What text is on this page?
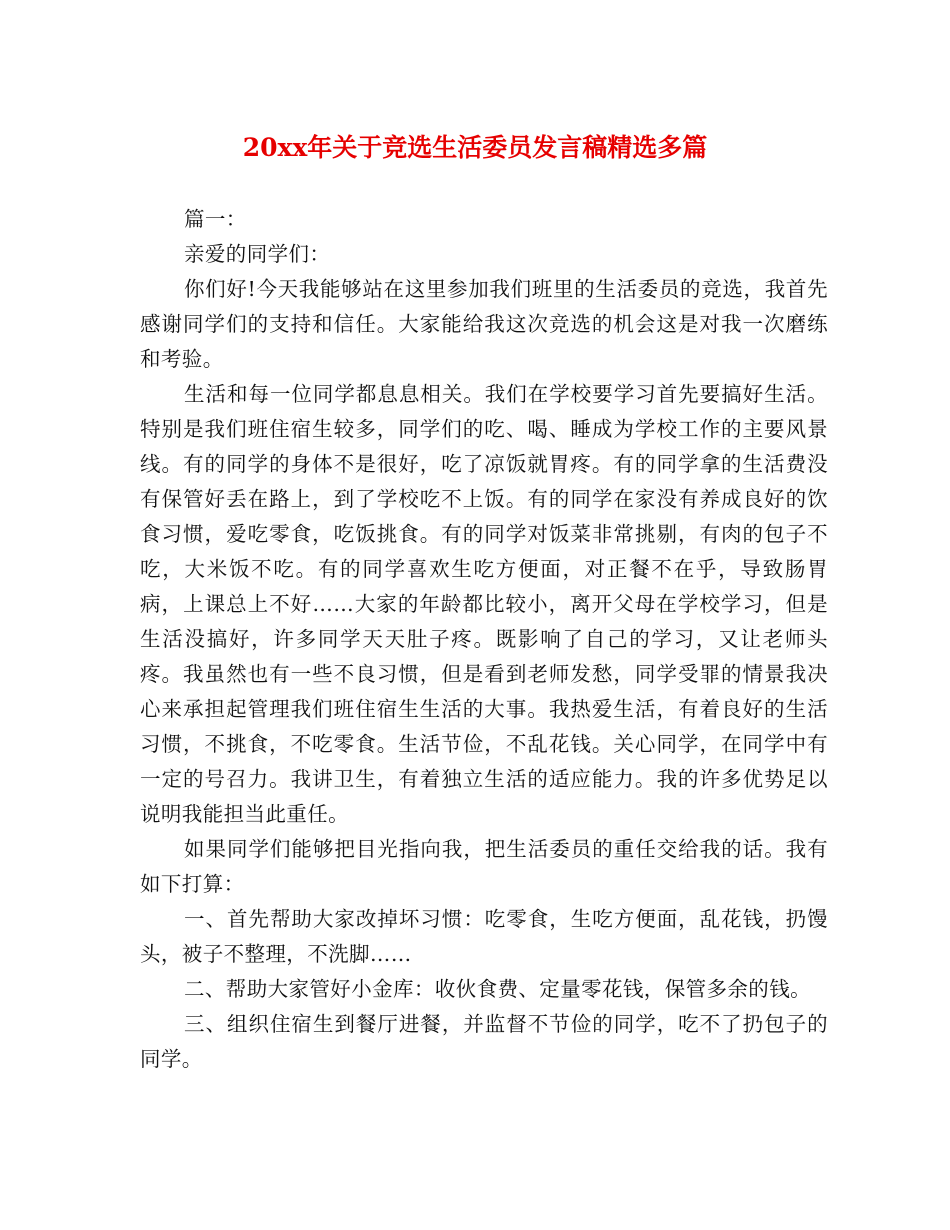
20xx年关于竞选生活委员发言稿精选多篇

篇一：

亲爱的同学们：

你们好!今天我能够站在这里参加我们班里的生活委员的竞选，我首先感谢同学们的支持和信任。大家能给我这次竞选的机会这是对我一次磨练和考验。

生活和每一位同学都息息相关。我们在学校要学习首先要搞好生活。特别是我们班住宿生较多，同学们的吃、喝、睡成为学校工作的主要风景线。有的同学的身体不是很好，吃了凉饭就胃疼。有的同学拿的生活费没有保管好丢在路上，到了学校吃不上饭。有的同学在家没有养成良好的饮食习惯，爱吃零食，吃饭挑食。有的同学对饭菜非常挑剔，有肉的包子不吃，大米饭不吃。有的同学喜欢生吃方便面，对正餐不在乎，导致肠胃病，上课总上不好……大家的年龄都比较小，离开父母在学校学习，但是生活没搞好，许多同学天天肚子疼。既影响了自己的学习，又让老师头疼。我虽然也有一些不良习惯，但是看到老师发愁，同学受罪的情景我决心来承担起管理我们班住宿生生活的大事。我热爱生活，有着良好的生活习惯，不挑食，不吃零食。生活节俭，不乱花钱。关心同学，在同学中有一定的号召力。我讲卫生，有着独立生活的适应能力。我的许多优势足以说明我能担当此重任。

如果同学们能够把目光指向我，把生活委员的重任交给我的话。我有如下打算：

一、首先帮助大家改掉坏习惯：吃零食，生吃方便面，乱花钱，扔馒头，被子不整理，不洗脚……

二、帮助大家管好小金库：收伙食费、定量零花钱，保管多余的钱。

三、组织住宿生到餐厅进餐，并监督不节俭的同学，吃不了扔包子的同学。
